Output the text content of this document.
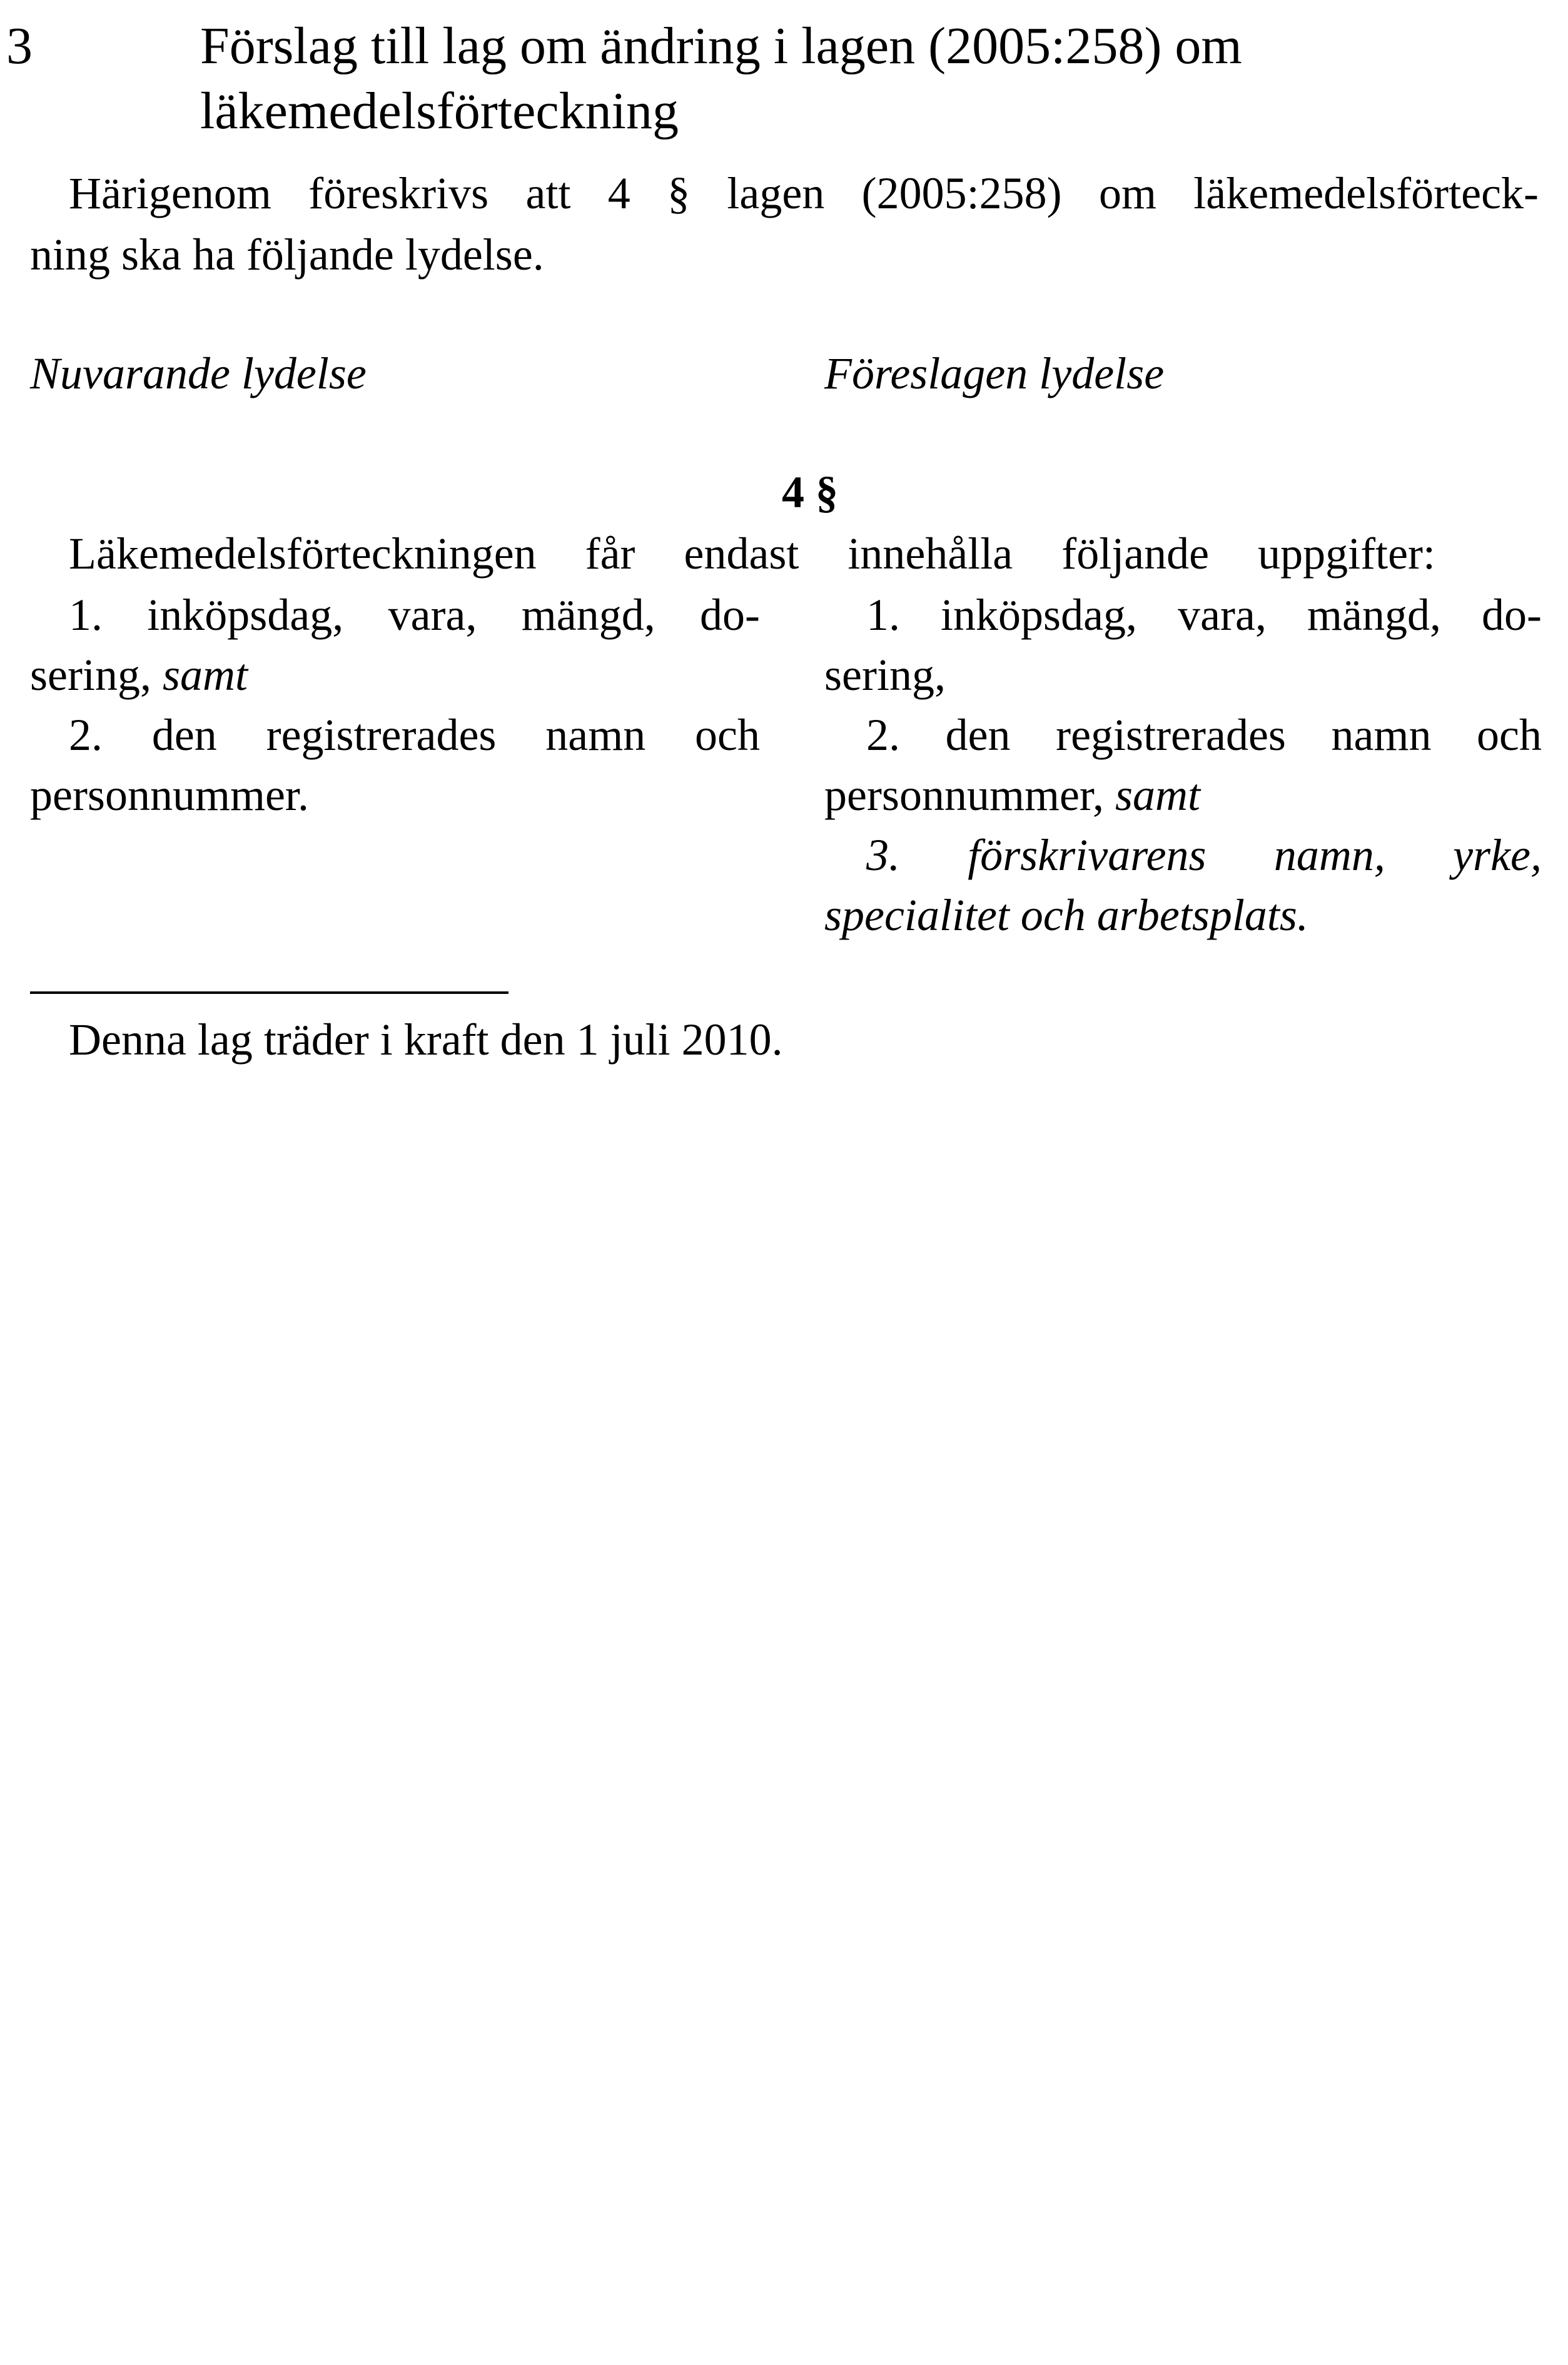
3	Förslag till lag om ändring i lagen (2005:258) om
läkemedelsförteckning
Härigenom föreskrivs att 4 § lagen (2005:258) om läkemedelsförteck-
ning ska ha följande lydelse.
Nuvarande lydelse	Föreslagen lydelse
4 §
Läkemedelsförteckningen får endast innehålla följande uppgifter:
1. inköpsdag, vara, mängd, do-
sering, samt
2. den registrerades namn och
personnummer.
1. inköpsdag, vara, mängd, do-
sering,
2. den registrerades namn och
personnummer, samt
3. förskrivarens namn, yrke,
specialitet och arbetsplats.
Denna lag träder i kraft den 1 juli 2010.
